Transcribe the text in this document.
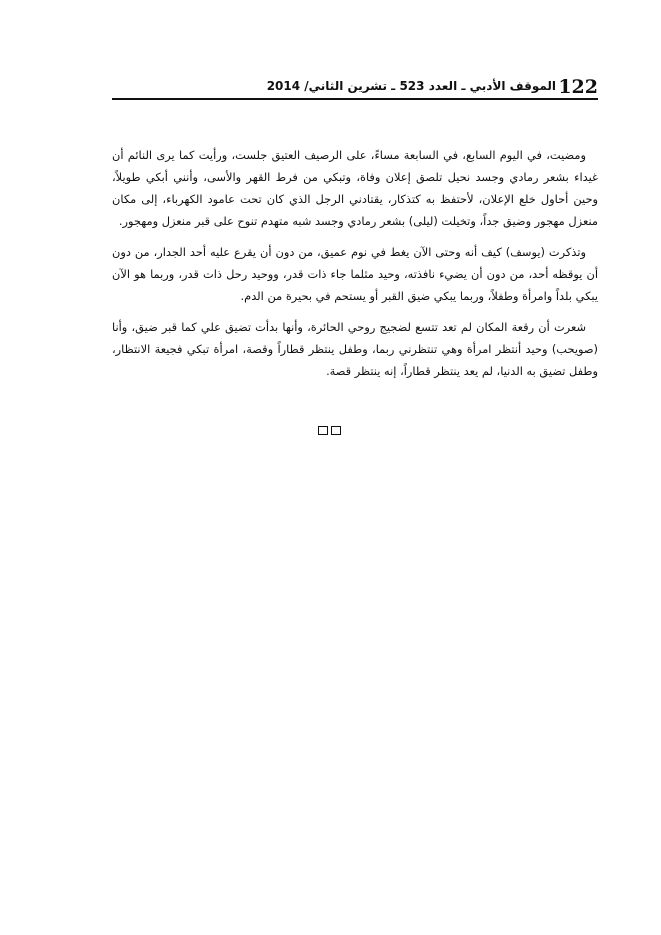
122
الموقف الأدبي ـ العدد 523 ـ تشرين الثاني/ 2014

ومضيت، في اليوم السابع، في السابعة مساءً، على الرصيف العتيق جلست، ورأيت كما يرى النائم أن غيداء بشعر رمادي وجسد نحيل تلصق إعلان وفاة، وتبكي من فرط القهر والأسى، وأنني أبكي طويلاً، وحين أحاول خلع الإعلان، لأحتفظ به كتذكار، يقتادني الرجل الذي كان تحت عامود الكهرباء، إلى مكان منعزل مهجور وضيق جداً، وتخيلت (ليلى) بشعر رمادي وجسد شبه متهدم تنوح على قبر منعزل ومهجور.

وتذكرت (يوسف) كيف أنه وحتى الآن يغط في نوم عميق، من دون أن يقرع عليه أحد الجدار، من دون أن يوقظه أحد، من دون أن يضيء نافذته، وحيد مثلما جاء ذات قدر، ووحيد رحل ذات قدر، وربما هو الآن يبكي بلداً وامرأة وطفلاً، وربما يبكي ضيق القبر أو يستحم في بحيرة من الدم.

شعرت أن رقعة المكان لم تعد تتسع لضجيج روحي الحائرة، وأنها بدأت تضيق علي كما قبر ضيق، وأنا (صويحب) وحيد أنتظر امرأة وهي تنتظرني ربما، وطفل ينتظر قطاراً وقصة، امرأة تبكي فجيعة الانتظار، وطفل تضيق به الدنيا، لم يعد ينتظر قطاراً، إنه ينتظر قصة.
